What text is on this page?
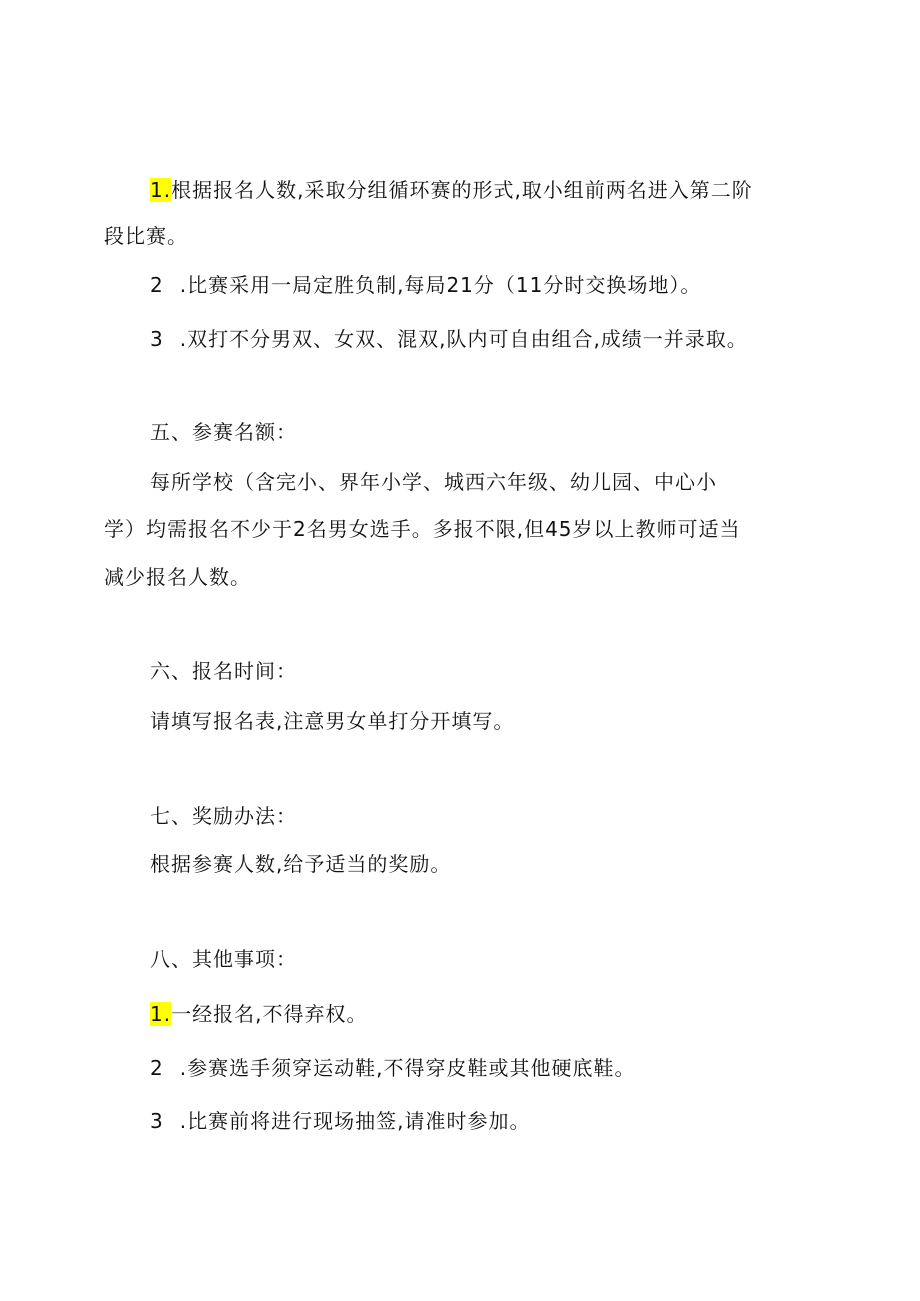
1.根据报名人数,采取分组循环赛的形式,取小组前两名进入第二阶
段比赛。
2 .比赛采用一局定胜负制,每局21分（11分时交换场地）。
3 .双打不分男双、女双、混双,队内可自由组合,成绩一并录取。
五、参赛名额：
每所学校（含完小、界年小学、城西六年级、幼儿园、中心小
学）均需报名不少于2名男女选手。多报不限,但45岁以上教师可适当
减少报名人数。
六、报名时间：
请填写报名表,注意男女单打分开填写。
七、奖励办法：
根据参赛人数,给予适当的奖励。
八、其他事项：
1.一经报名,不得弃权。
2 .参赛选手须穿运动鞋,不得穿皮鞋或其他硬底鞋。
3 .比赛前将进行现场抽签,请准时参加。
